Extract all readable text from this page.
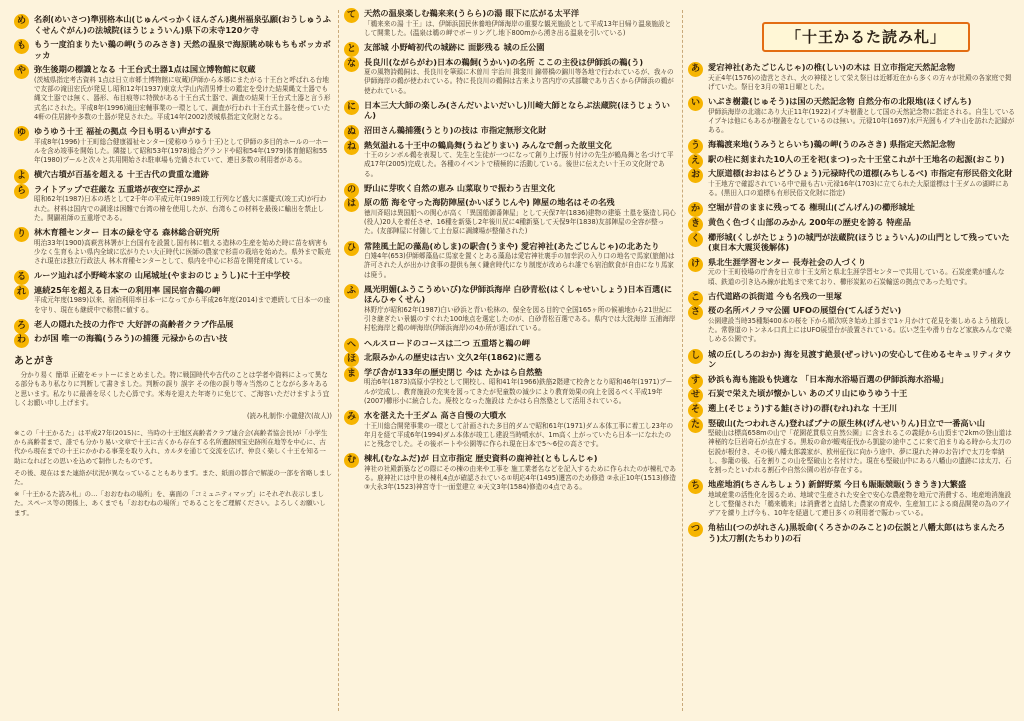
め 名刹(めいさつ)準別格本山(じゅんべっかくほんざん)奥州福泉弘願(おうしゅうふくせんぐがん)の法城院(ほうじょういん)県下の末寺120ケ寺
も もう一度泊まりたい鵜の岬(うのみさき) 天然の温泉で海原眺め味もちもボッカボッカ
や 弥生後期の標識となる 十王台式土器1点は国立博物館に収蔵
(茨城県指定考古資料 1点は日立市郷土博物館に収蔵)伊師から本郷にまたがる十王台と呼ばれる台地で友部の滝田宏氏が発見し昭和12年(1937)東京大学山内清男博士の鑑定を受けた結果縄文土器でも縄文土器では無く、器形、布目痕等に特徴がある十王台式土器で、調査の結果十王台式土器と言う形式名にされた。平成8年(1996)滝田宏輔事業の一環として、調査が行われ十王台式土器を使っていた4軒の住居跡や多数の土器が発見された。平成14年(2002)茨城県指定文化財となる。
ゆ ゆうゆう十王 福祉の拠点 今日も明るい声がする
平成8年(1996)十王町総合健康福祉センター(愛称ゆうゆう十王)として伊師の多目的ホールの一ホールを含め竣事を開始した。隣接して昭和53年(1978)総合グランドや昭和54年(1979)体育館昭和55年(1980)プールと次々と共用開始され駐車場も完備されていて、連日多数の利用者がある。
よ 横穴古墳が百基を超える 十王古代の貴重な遺跡
ら ライトアップで荘厳な 五重塔が夜空に浮かぶ
昭和62年(1987)日本の塔として2千年の平成元年(1989)竣工行列など盛大に落慶式(竣工式)が行われた。材料は国内での調達は困難で台湾の檜を使用したが、台湾もこの材料を最後に輸出を禁止した。開闢祖師の五重塔である。
り 林木育種センター 日本の緑を守る 森林総合研究所
明治33年(1900)高萩営林署が上台国有を設置し国有林に植える造林の生産を始めた時に苗を病害も少なく生育もよい県内全域に広がりたい大正時代に医師の農家で杉苗の栽培を始めた。県外まで販売され現在は独立行政法人 林木育種センターとして、県内を中心に杉苗を開発育成している。
る ルーツ辿れば小野崎本家の 山尾城址(やまおのじょうし)に十王中学校
れ 連続25年を超える日本一の利用率 国民宿舎鵜の岬
平成元年度(1989)以来、宿泊利用率日本一になってから平成26年度(2014)まで連続して日本一の座を守り、現在も継続中で称賛に値する。
ろ 老人の隠れた技の力作で 大好評の高齢者クラブ作品展
わ わが国 唯一の海鵜(うみう)の捕獲 元禄からの古い技
あとがき

分かり易く 簡単 正確をモットーにまとめました。特に戦国時代や古代のことは学者や資料によって異なる部分もあり私なりに判断して書きました。判断の誤り 誤字 その他の誤り等々当然のことながら多々あると思います。私なりに最善を尽くした心算です。米寿を迎えた年寄りに免じて、ご海容いただけますよう宜しくお願い申し上げます。

(読み札制作:小龍健次(故人))

※この「十王かるた」は平成27年(2015)に、当時の十王地区高齢者クラブ連合会(高齢者協会長)が「小学生から高齢者まで、誰でも分かり易い文章で十王に古くから存在する名所遺跡国宝史跡所在地等を中心に、古代から現在までの十王にかかわる事業を取り入れ、カルタを通じて交流を広げ、仲良く楽しく十王を知る一助になればとの思いを込めて制作したものです。

その後、現在はまた連絡が状況が異なっていることもあります。また、紙面の都合で解説の一部を省略しました。

※「十王かるた読み札」の…「おおむねの場所」を、裏面の「コミュニティマップ」にそれぞれ表示しました。スペース等の関係上、あくまでも「おおむねの場所」であることをご理解ください。よろしくお願いします。

て 天然の温泉楽しむ鵜来来(うらら)の湯 眼下に広がる太平洋
「鵜来来の湯 十王」は、伊師浜国民休養地伊師海岸の重要な観光施設として平成13年日帰り温泉施設として開業した。(温泉は鵜の岬でボーリングし地下800mから湧き出る温泉を引いている)
と 友部城 小野崎初代の城跡に 面影残る 城の丘公園
な 長良川(ながらがわ)日本の鵜飼(うかい)の名所 ここの主役は伊師浜の鵜(う)
夏の風物詩鵜飼は、長良川を筆頭に木曽川 宇治川 揖斐川 錦帯橋の錦川等各地で行われているが、我々の伊師海岸の鵜が使われている。特に長良川の鵜飼は古来より宮内庁の式部職であり古くから伊師浜の鵜が使われている。
に 日本三大大師の楽しみ(さんだいよいだいし)川崎大師とならぶ法蔵院(ほうじょういん)
ぬ 沼田さん鵜捕獲(うとり)の技は 市指定無形文化財
ね 熱気溢れる十王中の鶴鳥舞(うねどりまい) みんなで創った故里文化
十王のシンボル鵜を表現して、先生と生徒が一つになって創り上げ振り付けの先生が鶴鳥舞と名づけて平成17年(2005)完成した。各種のイベントで積極的に活動している。後世に伝えたい十王の文化財である。
の 野山に芽吹く自然の恵み 山菜取りで振わう古里文化
は 原の筋 海を守った海防陣屋(かいぼうじんや) 陣屋の地名はその名残
徳川斉昭は異国船への関心が高く「異国船御番陣屋」として天保7年(1836)建物の建築 土塁を築造し同心(役人)20人を着任させ、16種を新築し2年後川尻に4種新築して天保9年(1838)友部陣屋の全容が整った。(友部陣屋に付随して上台原に調練場が整備された)
ひ 常陸風土記の藻島(めしま)の駅舎(うまや) 愛宕神社(あたごじんじゃ)の北あたり
白雉4年(653)伊師郷藻島に馬家を置くとある藻島は愛宕神社裏手の加幸沢の入り口の地名で馬家(旅館)は許可された人が出かけ食事の提供も無く鎌倉時代になり制度が改められ誰でも宿泊飲食が自由になり馬家は廃う。
ふ 風光明媚(ふうこうめいび)な伊師浜海岸 白砂青松(はくしゃせいしょう)日本百選(にほんひゃくせん)
林野庁が昭和62年(1987)白い砂浜と青い松林の、保全を図る目的で全国165ヶ所の候補地から21世紀に引き継ぎたい景観のすぐれた100地点を選定したのが、白砂青松百選である。県内では大洗海岸 五浦海岸 村松海岸と鵜の岬海岸(伊師浜海岸)の4か所が選ばれている。
へ ヘルスロードのコースは二つ 五重塔と鵜の岬
ほ 北限みかんの歴史は古い 文久2年(1862)に遡る
ま 学び舎が133年の歴史閉じ 今は たかはら自然塾
明治6年(1873)高原小学校として開校し、昭和41年(1966)鉄筋2階建て校舎となり昭和46年(1971)プールが完成し、教育施設の充実を図ってきたが児童数の減少により教育効果の向上を図るべく平成19年(2007)櫛形小に統合した。廃校となった施設は たかはら自然塾として活用されている。
み 水を湛えた十王ダム 高さ自慢の大噴水
十王川総合開発事業の一環として計画された多目的ダムで昭和61年(1971)ダム本体工事に着工し23年の年月を経て平成6年(1994)ダム本体が竣工し建設当時噴水が、1m高く上がっていたら日本一になれたのにと残念でした。その後ボートや公園等に作られ現在日本で5〜6位の高さです。
む 棟札(むなふだ)が 日立市指定 歴史資料の鹿神社(ともしんじゃ)
神社の社殿新築などの際にその棟の由来や工事を 施工業者名などを記入するために作られたのが棟札である。鹿神社には中世の棟札4点が確認されている①明応4年(1495)遷宮のため修造 ②永正10年(1513)修造 ③大永3年(1523)神宮寺十一面堂建立 ④天文3年(1584)修造の4点である。
「十王かるた読み札」
あ 愛宕神社(あたごじんじゃ)の椎(しい)の木は 日立市指定天然記念物
天正4年(1576)の造営とされ、火の神様として栄え祭日は近郷近在から多くの方々が社殿の各家庭で掲げていた。祭日を3月の第1日曜とした。
い いぶき樹叢(じゅそう)は国の天然記念物 自然分布の北限地(ほくげんち)
伊師浜海岸の北端にあり大正11年(1922)イブキ樹叢として国の天然記念物に指定される。自生しているイブキは他にもあるが樹叢をなしているのは無い。元禄10年(1697)水戸光圀もイブキ山を訪れた記録がある。
う 海鵜渡来地(うみうとらいち)鵜の岬(うのみさき) 県指定天然記念物
え 駅の柱に刻まれた10人の王を祀(まつ)った十王堂これが十王地名の起源(おこり)
お 大原道標(おおはらどうひょう)元禄時代の道標(みちしるべ) 市指定有形民俗文化財
十王地方で確認されている中で最も古い元禄16年(1703)に立てられた大原道標は十王ダムの湖畔にある。(黒田入口の道標も有形民俗文化財に指定)
か 空堀が昔のままに残ってる 権現山(ごんげん)の櫛形城址
き 黄色く色づく山部のみかん 200年の歴史を誇る 特産品
く 櫛形城(くしがたじょう)の城門が法蔵院(ほうじょういん)の山門として残っていた(東日本大震災後解体)
け 県北生涯学習センター 長寿社会の人づくり
元の十王町役場の庁舎を日立市十王支所と県北生涯学習センターで共用している。石炭産業が盛んな頃、鉄道の引き込み線が此処まで来ており、櫛形炭鉱の石炭輸送の拠点であった処です。
こ 古代道路の浜街道 今も名残の一里塚
さ 桜の名所パノラマ公園 UFOの展望台(てんぼうだい)
公園建設当時35種類400本の桜を下から順次咲き始め上部まで1ヶ月かけて花見を楽しめるよう植栽した。常磐道のトンネル口真上にはUFO展望台が設置されている。広い芝生や滑り台など家族みんなで楽しめる公園です。
し 城の丘(しろのおか) 海を見渡す絶景(ぜっけい)の安心して住めるセキュリティタウン
す 砂浜も海も施設も快適な 「日本海水浴場百選の伊師浜海水浴場」
せ 石炭で栄えた頃が懐かしい あのズリ山にゆうゆう十王
そ 遡上(そじょう)する鮭(さけ)の群(むれ)れな 十王川
た 竪破山(たつわれさん)登ればブナの原生林(げんせいりん)日立で一番高い山
堅破山は標高658mの山で「花園花貫県立自然公園」に含まれるこの義経から山頂まで2kmの登山道は神秘的な巨岩奇石が点在する。黒坂の命が蝦夷征伐から凱旋の途中ここに来て泊まりぬる時から太刀の伝説が根付き、その後八幡太郎義家が、欧州征伐に向かう途中、夢に現れた神のお告げで太刀を奉納し、参籠の後、石を割りこの山を堅破山と名付けた。現在も堅破山中にある八幡山の遺跡には太刀、石を割ったといわれる割石や自然公園の岩が存在する。
ち 地産地消(ちさんちしょう) 新鮮野菜 今日も賑賑競賑(うきうき)大繁盛
地域産業の活性化を図るため、地域で生産された安全で安心な農産物を地元で消費する、地産地消施設として整備された「鵜来鵜来」は消費者と直結した農家の育成や、生産加工による商品開発の為のアイデアを練り上げ今も、10年を経過して連日多くの利用者で賑わっている。
つ 角枯山(つのがれさん)黒坂命(くろさかのみこと)の伝説と八幡太郎(はちまんたろう)太刀割(たちわり)の石
